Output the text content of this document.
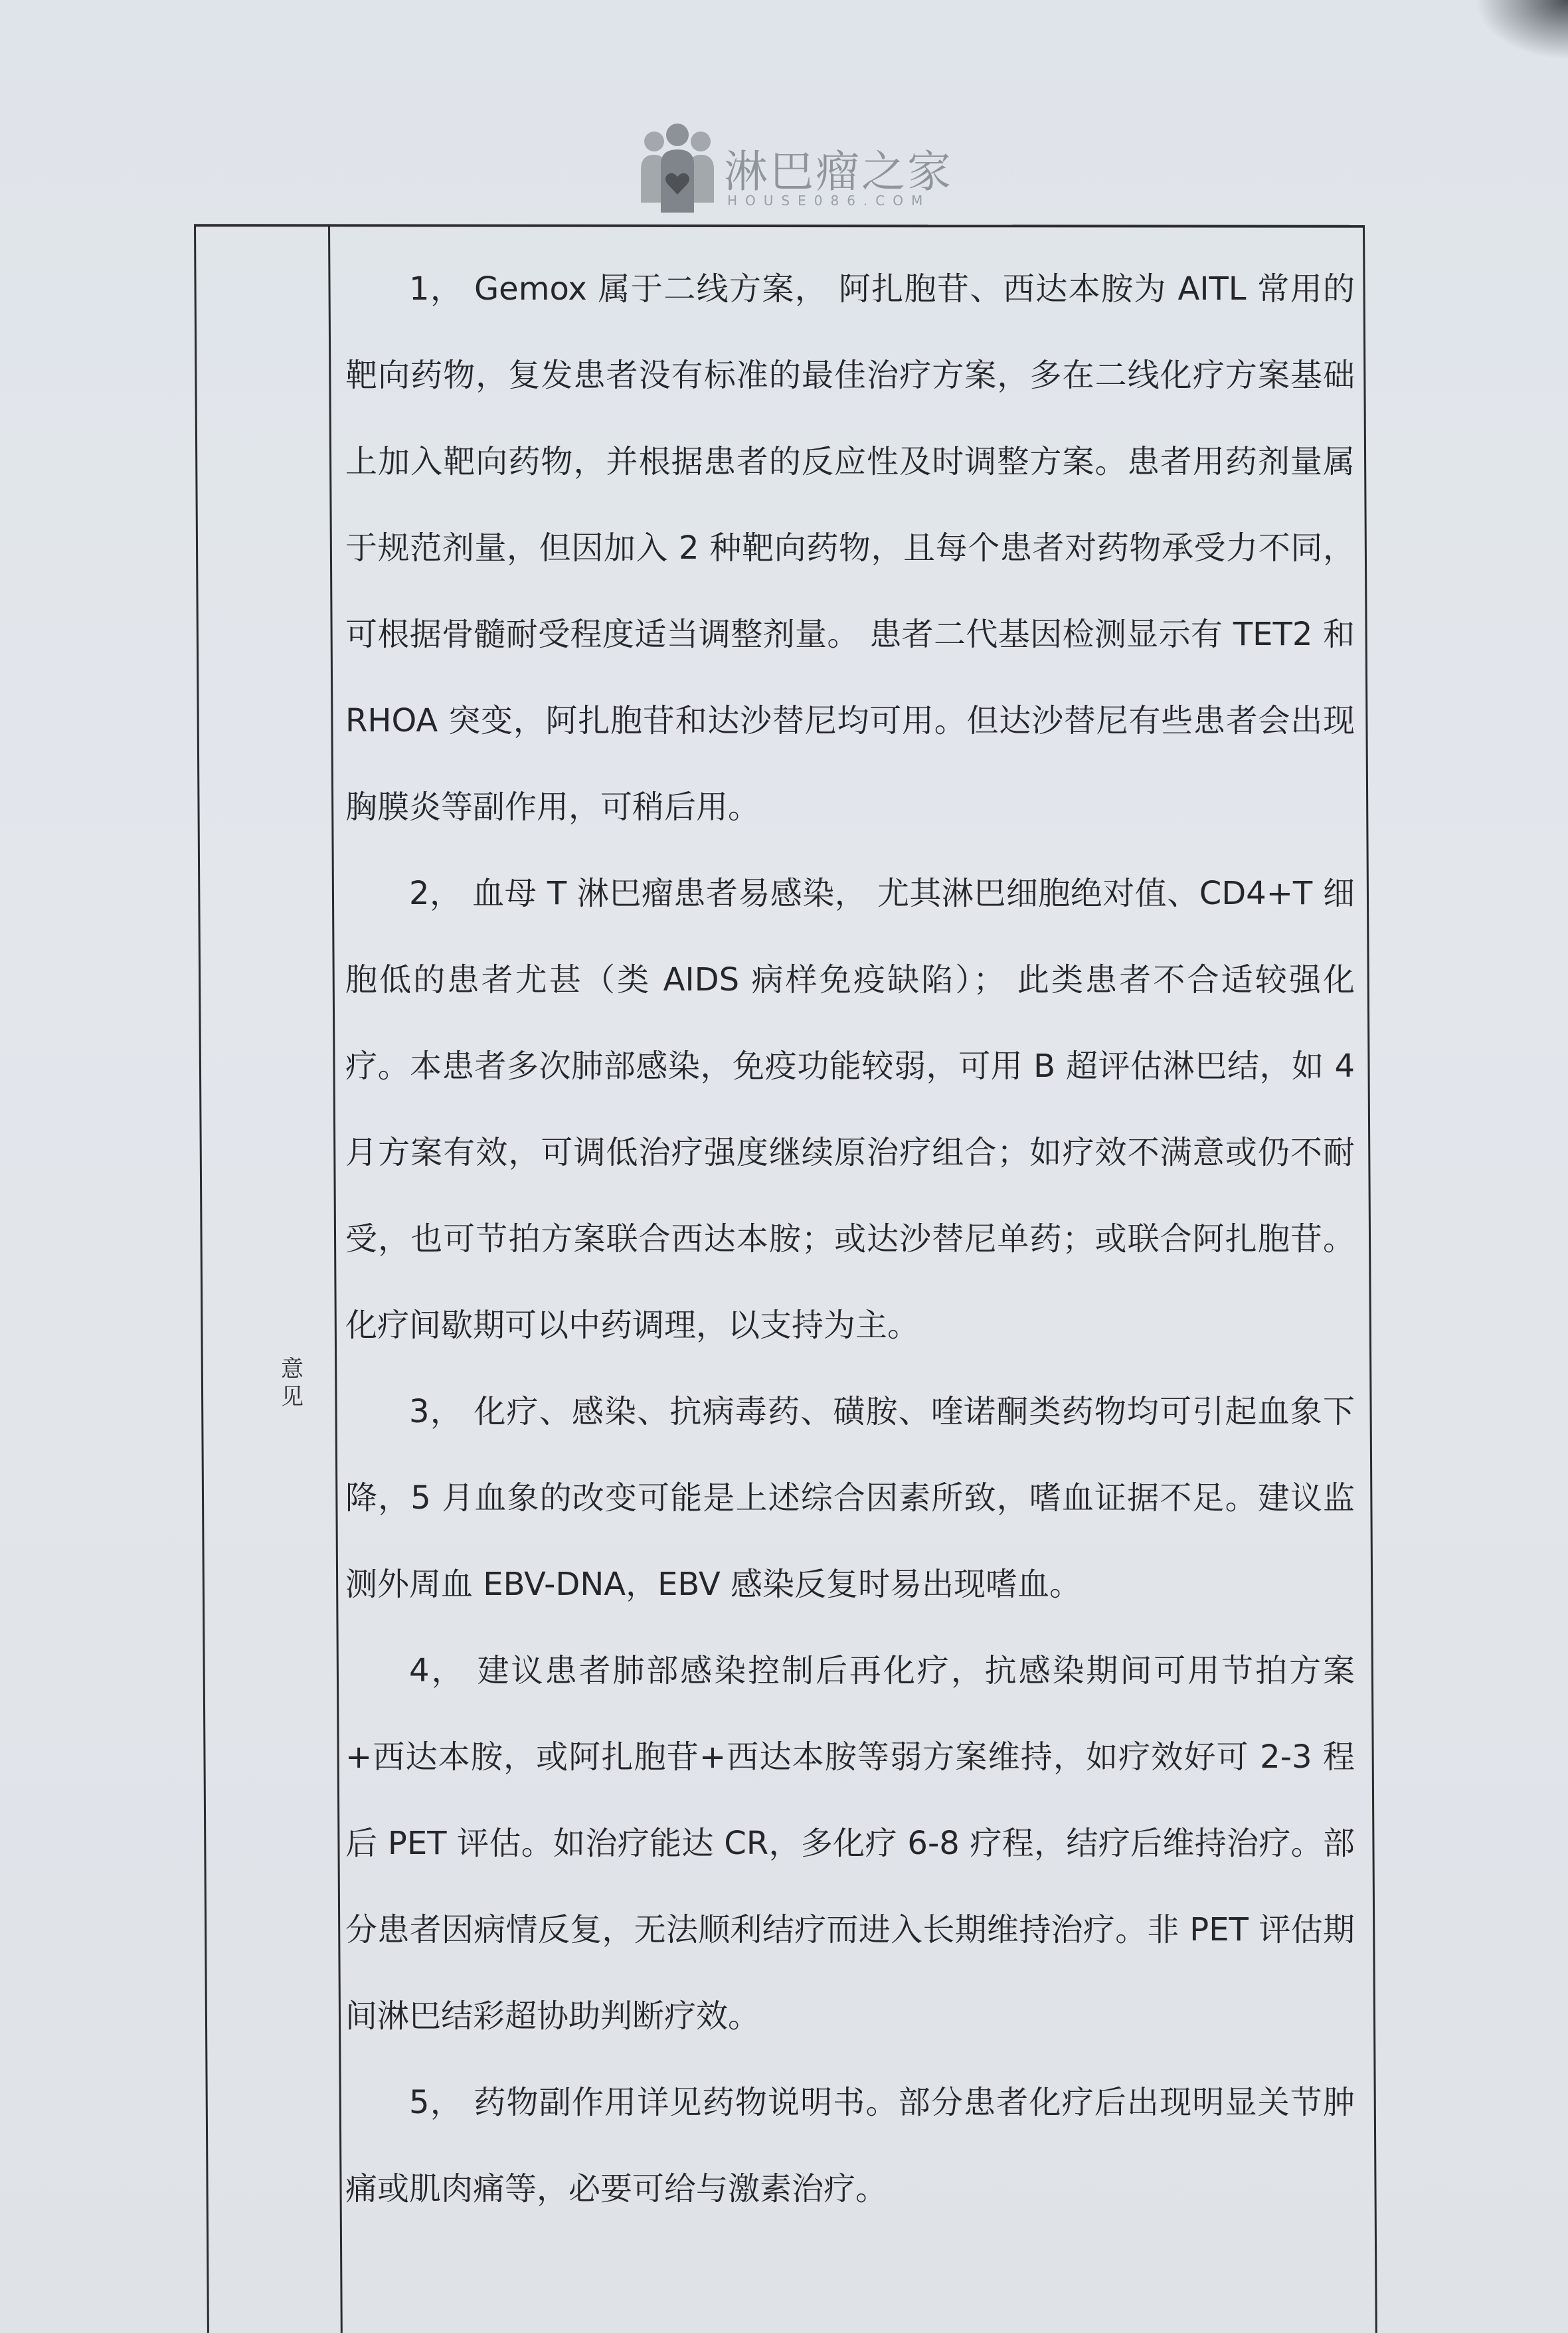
淋巴瘤之家
HOUSE086.COM
意
见

1， Gemox 属于二线方案， 阿扎胞苷、西达本胺为 AITL 常用的靶向药物，复发患者没有标准的最佳治疗方案，多在二线化疗方案基础上加入靶向药物，并根据患者的反应性及时调整方案。患者用药剂量属于规范剂量，但因加入 2 种靶向药物，且每个患者对药物承受力不同，可根据骨髓耐受程度适当调整剂量。 患者二代基因检测显示有 TET2 和 RHOA 突变，阿扎胞苷和达沙替尼均可用。但达沙替尼有些患者会出现胸膜炎等副作用，可稍后用。

2， 血母 T 淋巴瘤患者易感染， 尤其淋巴细胞绝对值、CD4+T 细胞低的患者尤甚（类 AIDS 病样免疫缺陷）； 此类患者不合适较强化疗。本患者多次肺部感染，免疫功能较弱，可用 B 超评估淋巴结，如 4 月方案有效，可调低治疗强度继续原治疗组合；如疗效不满意或仍不耐受，也可节拍方案联合西达本胺；或达沙替尼单药；或联合阿扎胞苷。化疗间歇期可以中药调理，以支持为主。

3， 化疗、感染、抗病毒药、磺胺、喹诺酮类药物均可引起血象下降，5 月血象的改变可能是上述综合因素所致，嗜血证据不足。建议监测外周血 EBV-DNA，EBV 感染反复时易出现嗜血。

4， 建议患者肺部感染控制后再化疗，抗感染期间可用节拍方案+西达本胺，或阿扎胞苷+西达本胺等弱方案维持，如疗效好可 2-3 程后 PET 评估。如治疗能达 CR，多化疗 6-8 疗程，结疗后维持治疗。部分患者因病情反复，无法顺利结疗而进入长期维持治疗。非 PET 评估期间淋巴结彩超协助判断疗效。

5， 药物副作用详见药物说明书。部分患者化疗后出现明显关节肿痛或肌肉痛等，必要可给与激素治疗。
